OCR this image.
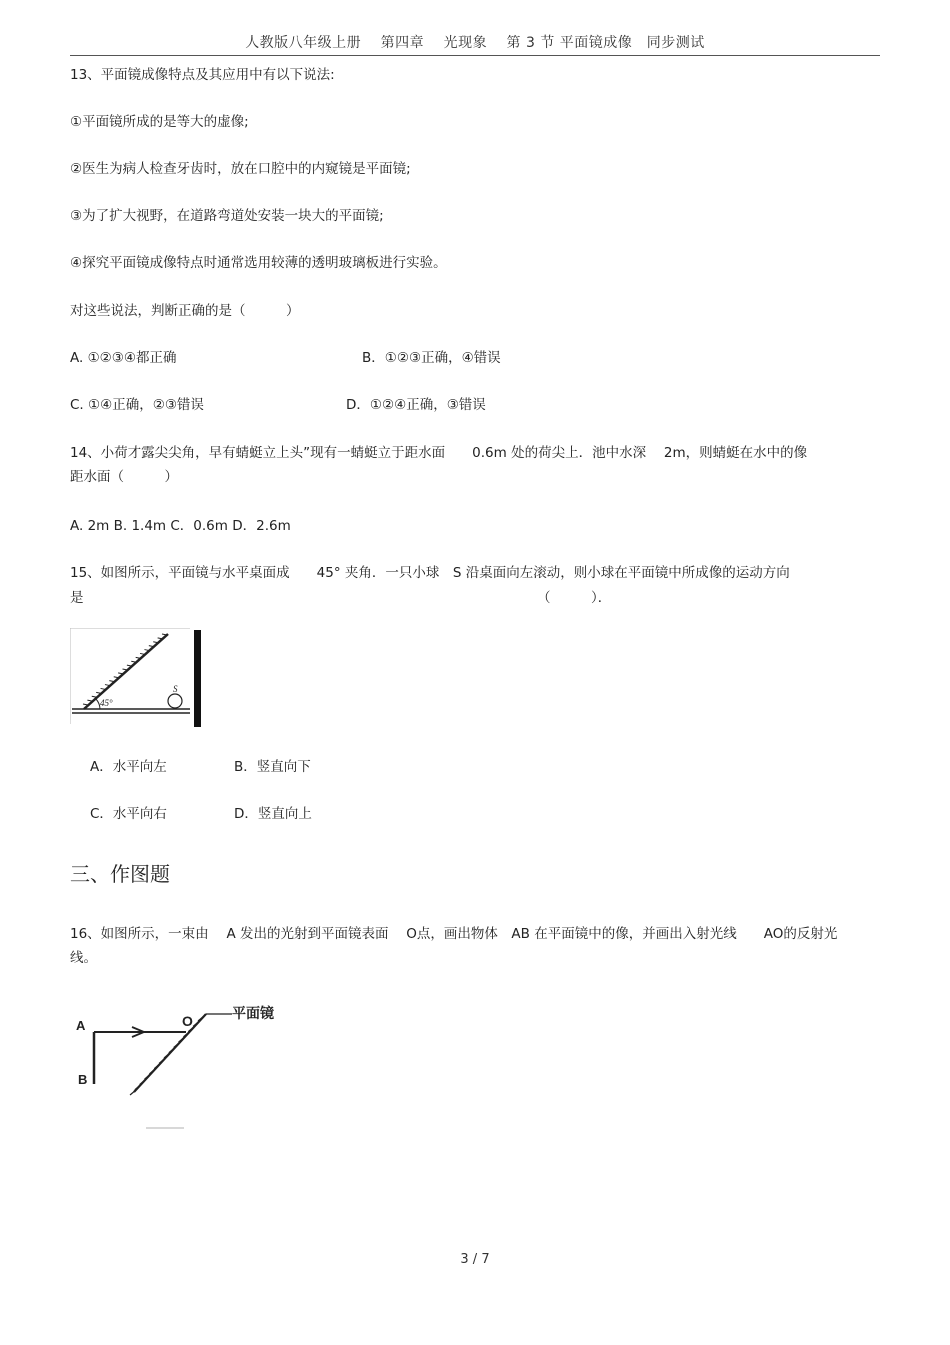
人教版八年级上册　 第四章　 光现象　 第 3 节 平面镜成像　同步测试
13、平面镜成像特点及其应用中有以下说法:
①平面镜所成的是等大的虚像;
②医生为病人检查牙齿时，放在口腔中的内窥镜是平面镜;
③为了扩大视野，在道路弯道处安装一块大的平面镜;
④探究平面镜成像特点时通常选用较薄的透明玻璃板进行实验。
对这些说法，判断正确的是（　　　）
A. ①②③④都正确	B．①②③正确，④错误
C. ①④正确，②③错误	D．①②④正确，③错误
14、小荷才露尖尖角，早有蜻蜓立上头”现有一蜻蜓立于距水面　　0.6m 处的荷尖上．池中水深　 2m，则蜻蜓在水中的像
距水面（　　　）
A. 2m B. 1.4m C．0.6m D．2.6m
15、如图所示，平面镜与水平桌面成　　45° 夹角．一只小球　S 沿桌面向左滚动，则小球在平面镜中所成像的运动方向
是	（　　　）．
45°
S
A．水平向左	B．竖直向下
C．水平向右	D．竖直向上
三、作图题
16、如图所示，一束由　 A 发出的光射到平面镜表面　 O点，画出物体　AB 在平面镜中的像，并画出入射光线　　AO的反射光
线。
A
B
O	平面镜
3 / 7
